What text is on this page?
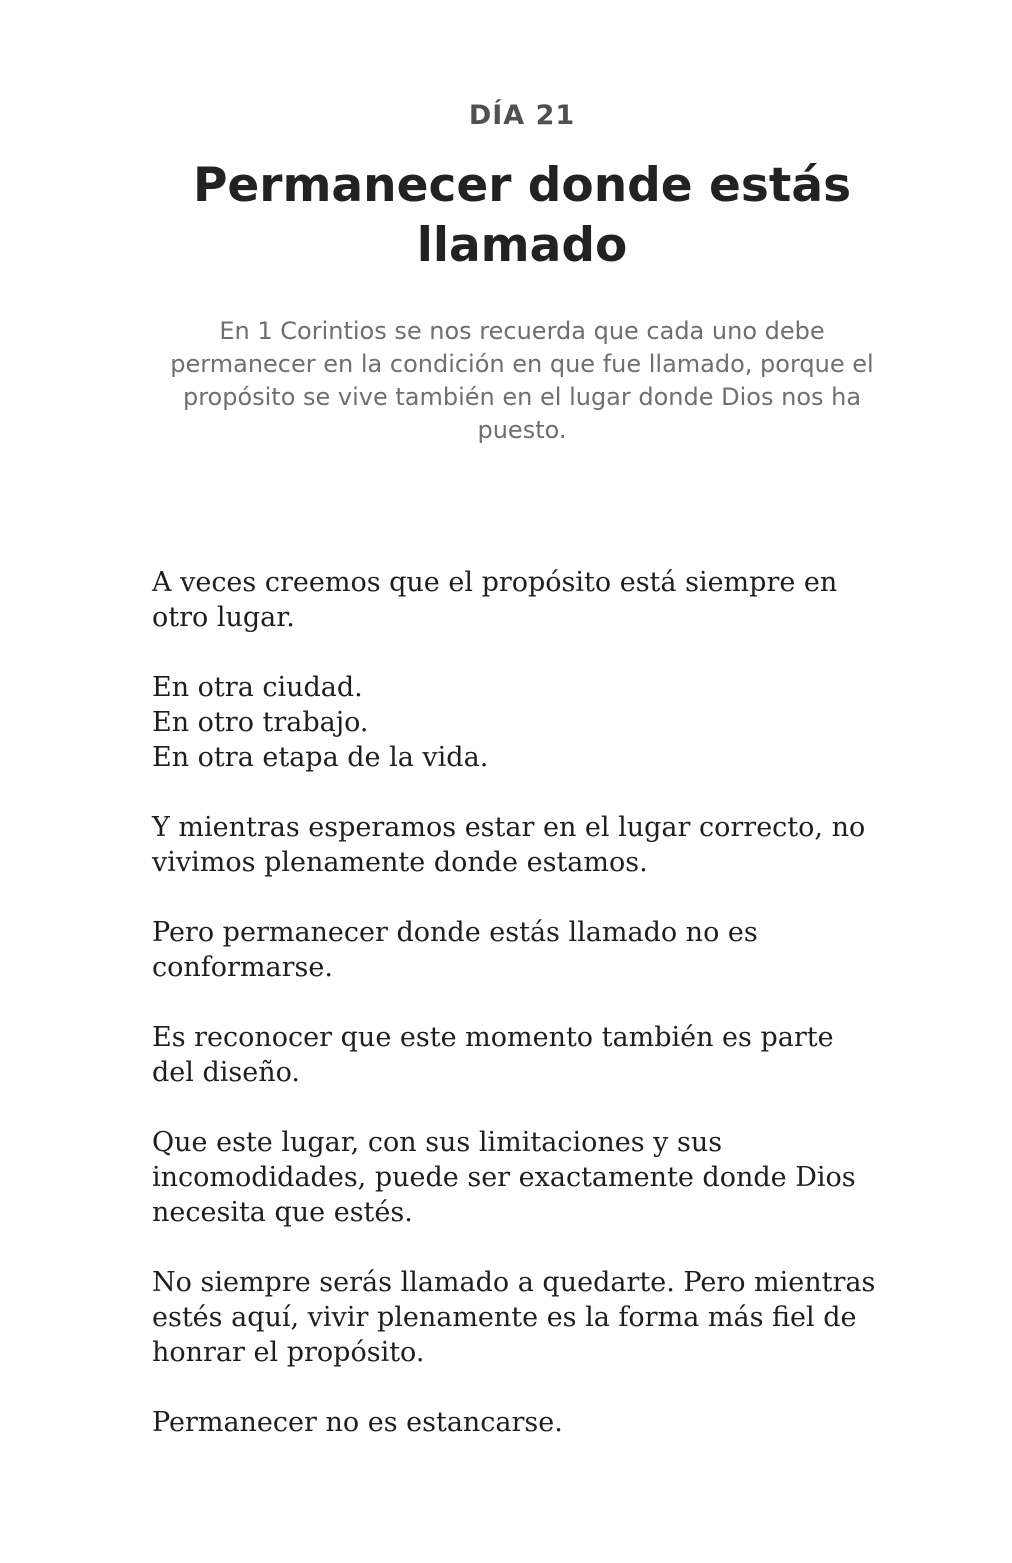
DÍA 21
Permanecer donde estás llamado

En 1 Corintios se nos recuerda que cada uno debe permanecer en la condición en que fue llamado, porque el propósito se vive también en el lugar donde Dios nos ha puesto.

A veces creemos que el propósito está siempre en otro lugar.

En otra ciudad.
En otro trabajo.
En otra etapa de la vida.

Y mientras esperamos estar en el lugar correcto, no vivimos plenamente donde estamos.

Pero permanecer donde estás llamado no es conformarse.

Es reconocer que este momento también es parte del diseño.

Que este lugar, con sus limitaciones y sus incomodidades, puede ser exactamente donde Dios necesita que estés.

No siempre serás llamado a quedarte. Pero mientras estés aquí, vivir plenamente es la forma más fiel de honrar el propósito.

Permanecer no es estancarse.
